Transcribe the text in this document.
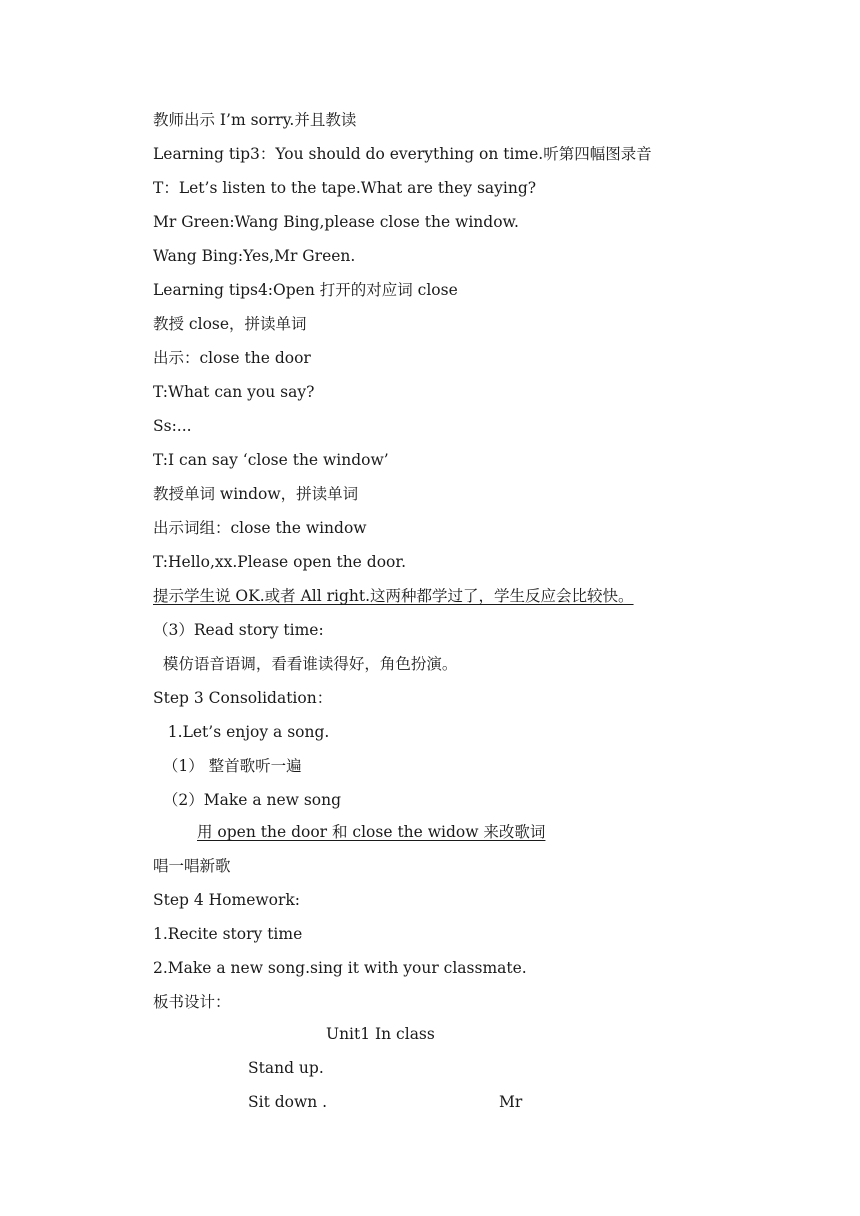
教师出示 I’m sorry.并且教读
Learning tip3：You should do everything on time.听第四幅图录音
T：Let’s listen to the tape.What are they saying?
Mr Green:Wang Bing,please close the window.
Wang Bing:Yes,Mr Green.
Learning tips4:Open 打开的对应词 close
教授 close，拼读单词
出示：close the door
T:What can you say?
Ss:...
T:I can say ‘close the window’
教授单词 window，拼读单词
出示词组：close the window
T:Hello,xx.Please open the door.
提示学生说 OK.或者 All right.这两种都学过了，学生反应会比较快。
（3）Read story time:
模仿语音语调，看看谁读得好，角色扮演。
Step 3 Consolidation：
1.Let’s enjoy a song.
（1） 整首歌听一遍
（2）Make a new song
用 open the door 和 close the widow 来改歌词
唱一唱新歌
Step 4 Homework:
1.Recite story time
2.Make a new song.sing it with your classmate.
板书设计：
Unit1 In class
Stand up.
Sit down .	Mr
